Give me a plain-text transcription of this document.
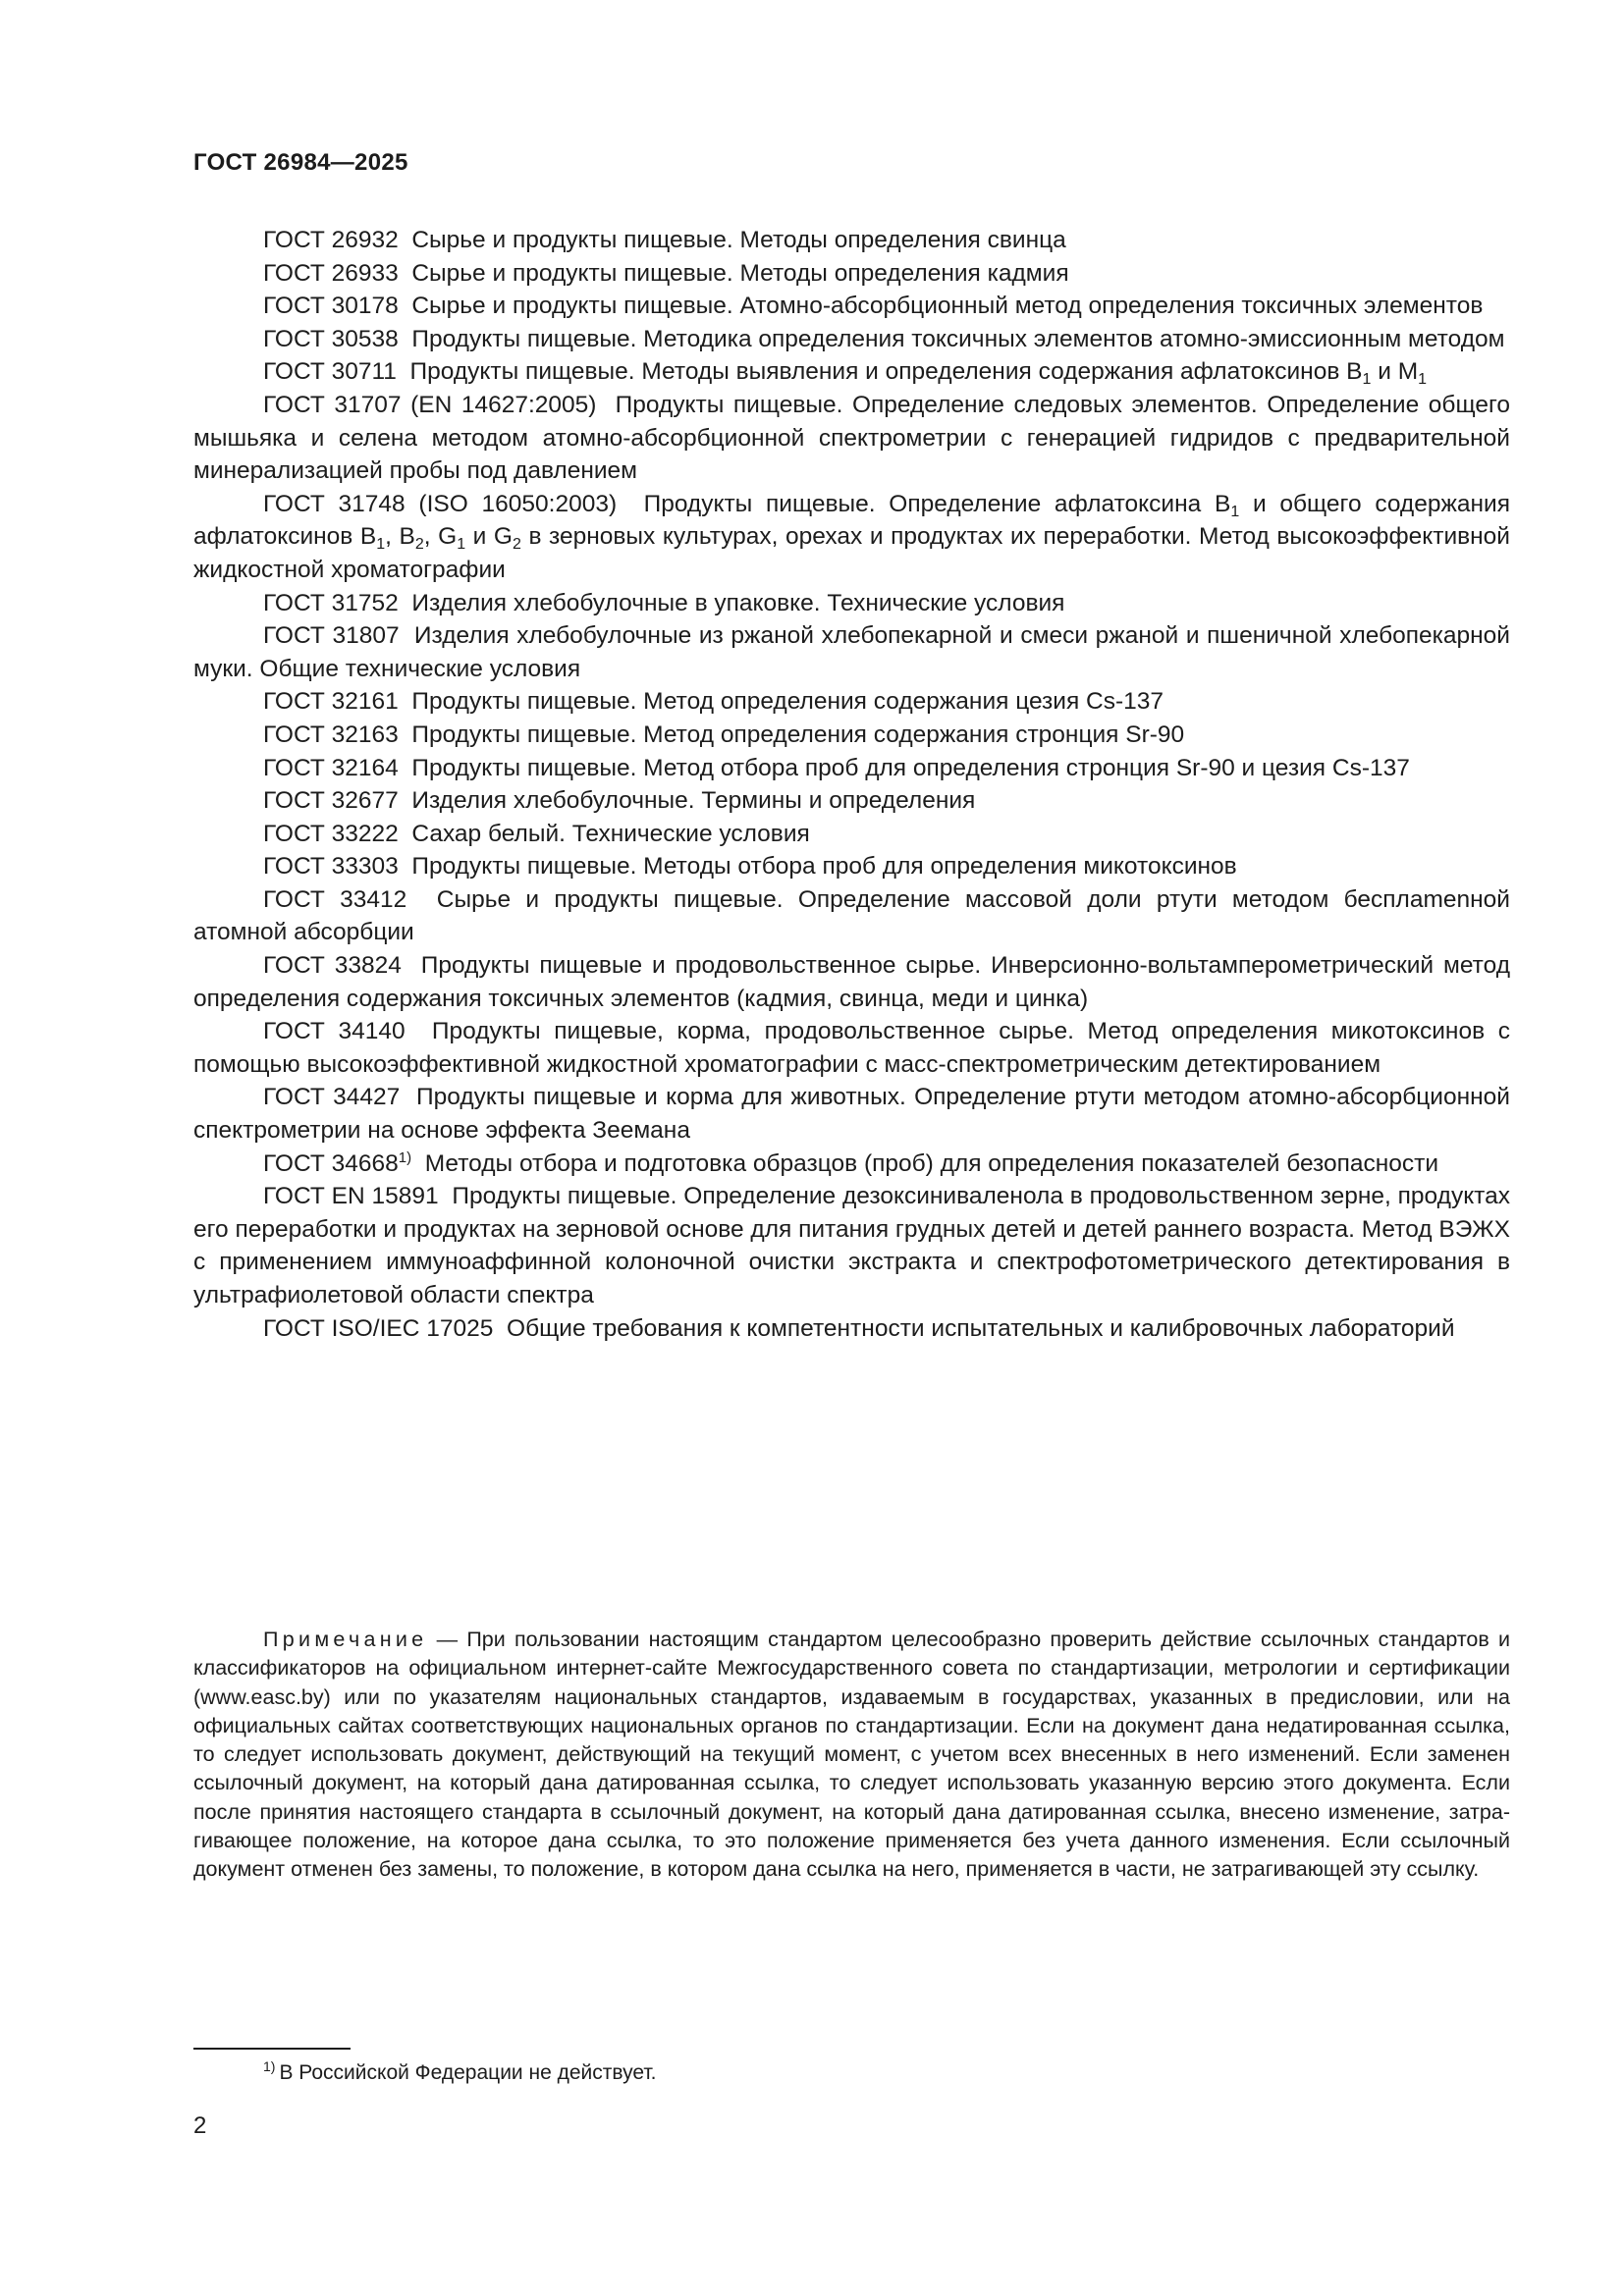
ГОСТ 26984—2025

ГОСТ 26932 Сырье и продукты пищевые. Методы определения свинца

ГОСТ 26933 Сырье и продукты пищевые. Методы определения кадмия

ГОСТ 30178 Сырье и продукты пищевые. Атомно-абсорбционный метод определения токсичных элементов

ГОСТ 30538 Продукты пищевые. Методика определения токсичных элементов атомно-эмиссионным методом

ГОСТ 30711 Продукты пищевые. Методы выявления и определения содержания афлатоксинов $B_1$ и $M_1$

ГОСТ 31707 (EN 14627:2005) Продукты пищевые. Определение следовых элементов. Определение общего мышьяка и селена методом атомно-абсорбционной спектрометрии с генерацией гидридов с предварительной минерализацией пробы под давлением

ГОСТ 31748 (ISO 16050:2003) Продукты пищевые. Определение афлатоксина $B_1$ и общего содержания афлатоксинов $B_1$, $B_2$, $G_1$ и $G_2$ в зерновых культурах, орехах и продуктах их переработки. Метод высокоэффективной жидкостной хроматографии

ГОСТ 31752 Изделия хлебобулочные в упаковке. Технические условия

ГОСТ 31807 Изделия хлебобулочные из ржаной хлебопекарной и смеси ржаной и пшеничной хлебопекарной муки. Общие технические условия

ГОСТ 32161 Продукты пищевые. Метод определения содержания цезия Cs-137

ГОСТ 32163 Продукты пищевые. Метод определения содержания стронция Sr-90

ГОСТ 32164 Продукты пищевые. Метод отбора проб для определения стронция Sr-90 и цезия Cs-137

ГОСТ 32677 Изделия хлебобулочные. Термины и определения

ГОСТ 33222 Сахар белый. Технические условия

ГОСТ 33303 Продукты пищевые. Методы отбора проб для определения микотоксинов

ГОСТ 33412 Сырье и продукты пищевые. Определение массовой доли ртути методом бесплamenной атомной абсорбции

ГОСТ 33824 Продукты пищевые и продовольственное сырье. Инверсионно-вольтамперометрический метод определения содержания токсичных элементов (кадмия, свинца, меди и цинка)

ГОСТ 34140 Продукты пищевые, корма, продовольственное сырье. Метод определения микотоксинов с помощью высокоэффективной жидкостной хроматографии с масс-спектрометрическим детектированием

ГОСТ 34427 Продукты пищевые и корма для животных. Определение ртути методом атомно-абсорбционной спектрометрии на основе эффекта Зеемана

ГОСТ 34668$^{1)}$ Методы отбора и подготовка образцов (проб) для определения показателей безопасности

ГОСТ EN 15891 Продукты пищевые. Определение дезоксиниваленола в продовольственном зерне, продуктах его переработки и продуктах на зерновой основе для питания грудных детей и детей раннего возраста. Метод ВЭЖХ с применением иммуноаффинной колоночной очистки экстракта и спектрофотометрического детектирования в ультрафиолетовой области спектра

ГОСТ ISO/IEC 17025 Общие требования к компетентности испытательных и калибровочных лабораторий

Примечание — При пользовании настоящим стандартом целесообразно проверить действие ссылочных стандартов и классификаторов на официальном интернет-сайте Межгосударственного совета по стандартизации, метрологии и сертификации (www.easc.by) или по указателям национальных стандартов, издаваемым в государствах, указанных в предисловии, или на официальных сайтах соответствующих национальных органов по стандартизации. Если на документ дана недатированная ссылка, то следует использовать документ, действующий на текущий момент, с учетом всех внесенных в него изменений. Если заменен ссылочный документ, на который дана датированная ссылка, то следует использовать указанную версию этого документа. Если после принятия настоящего стандарта в ссылочный документ, на который дана датированная ссылка, внесено изменение, затрагивающее положение, на которое дана ссылка, то это положение применяется без учета данного изменения. Если ссылочный документ отменен без замены, то положение, в котором дана ссылка на него, применяется в части, не затрагивающей эту ссылку.

$^{1)}$ В Российской Федерации не действует.

2
